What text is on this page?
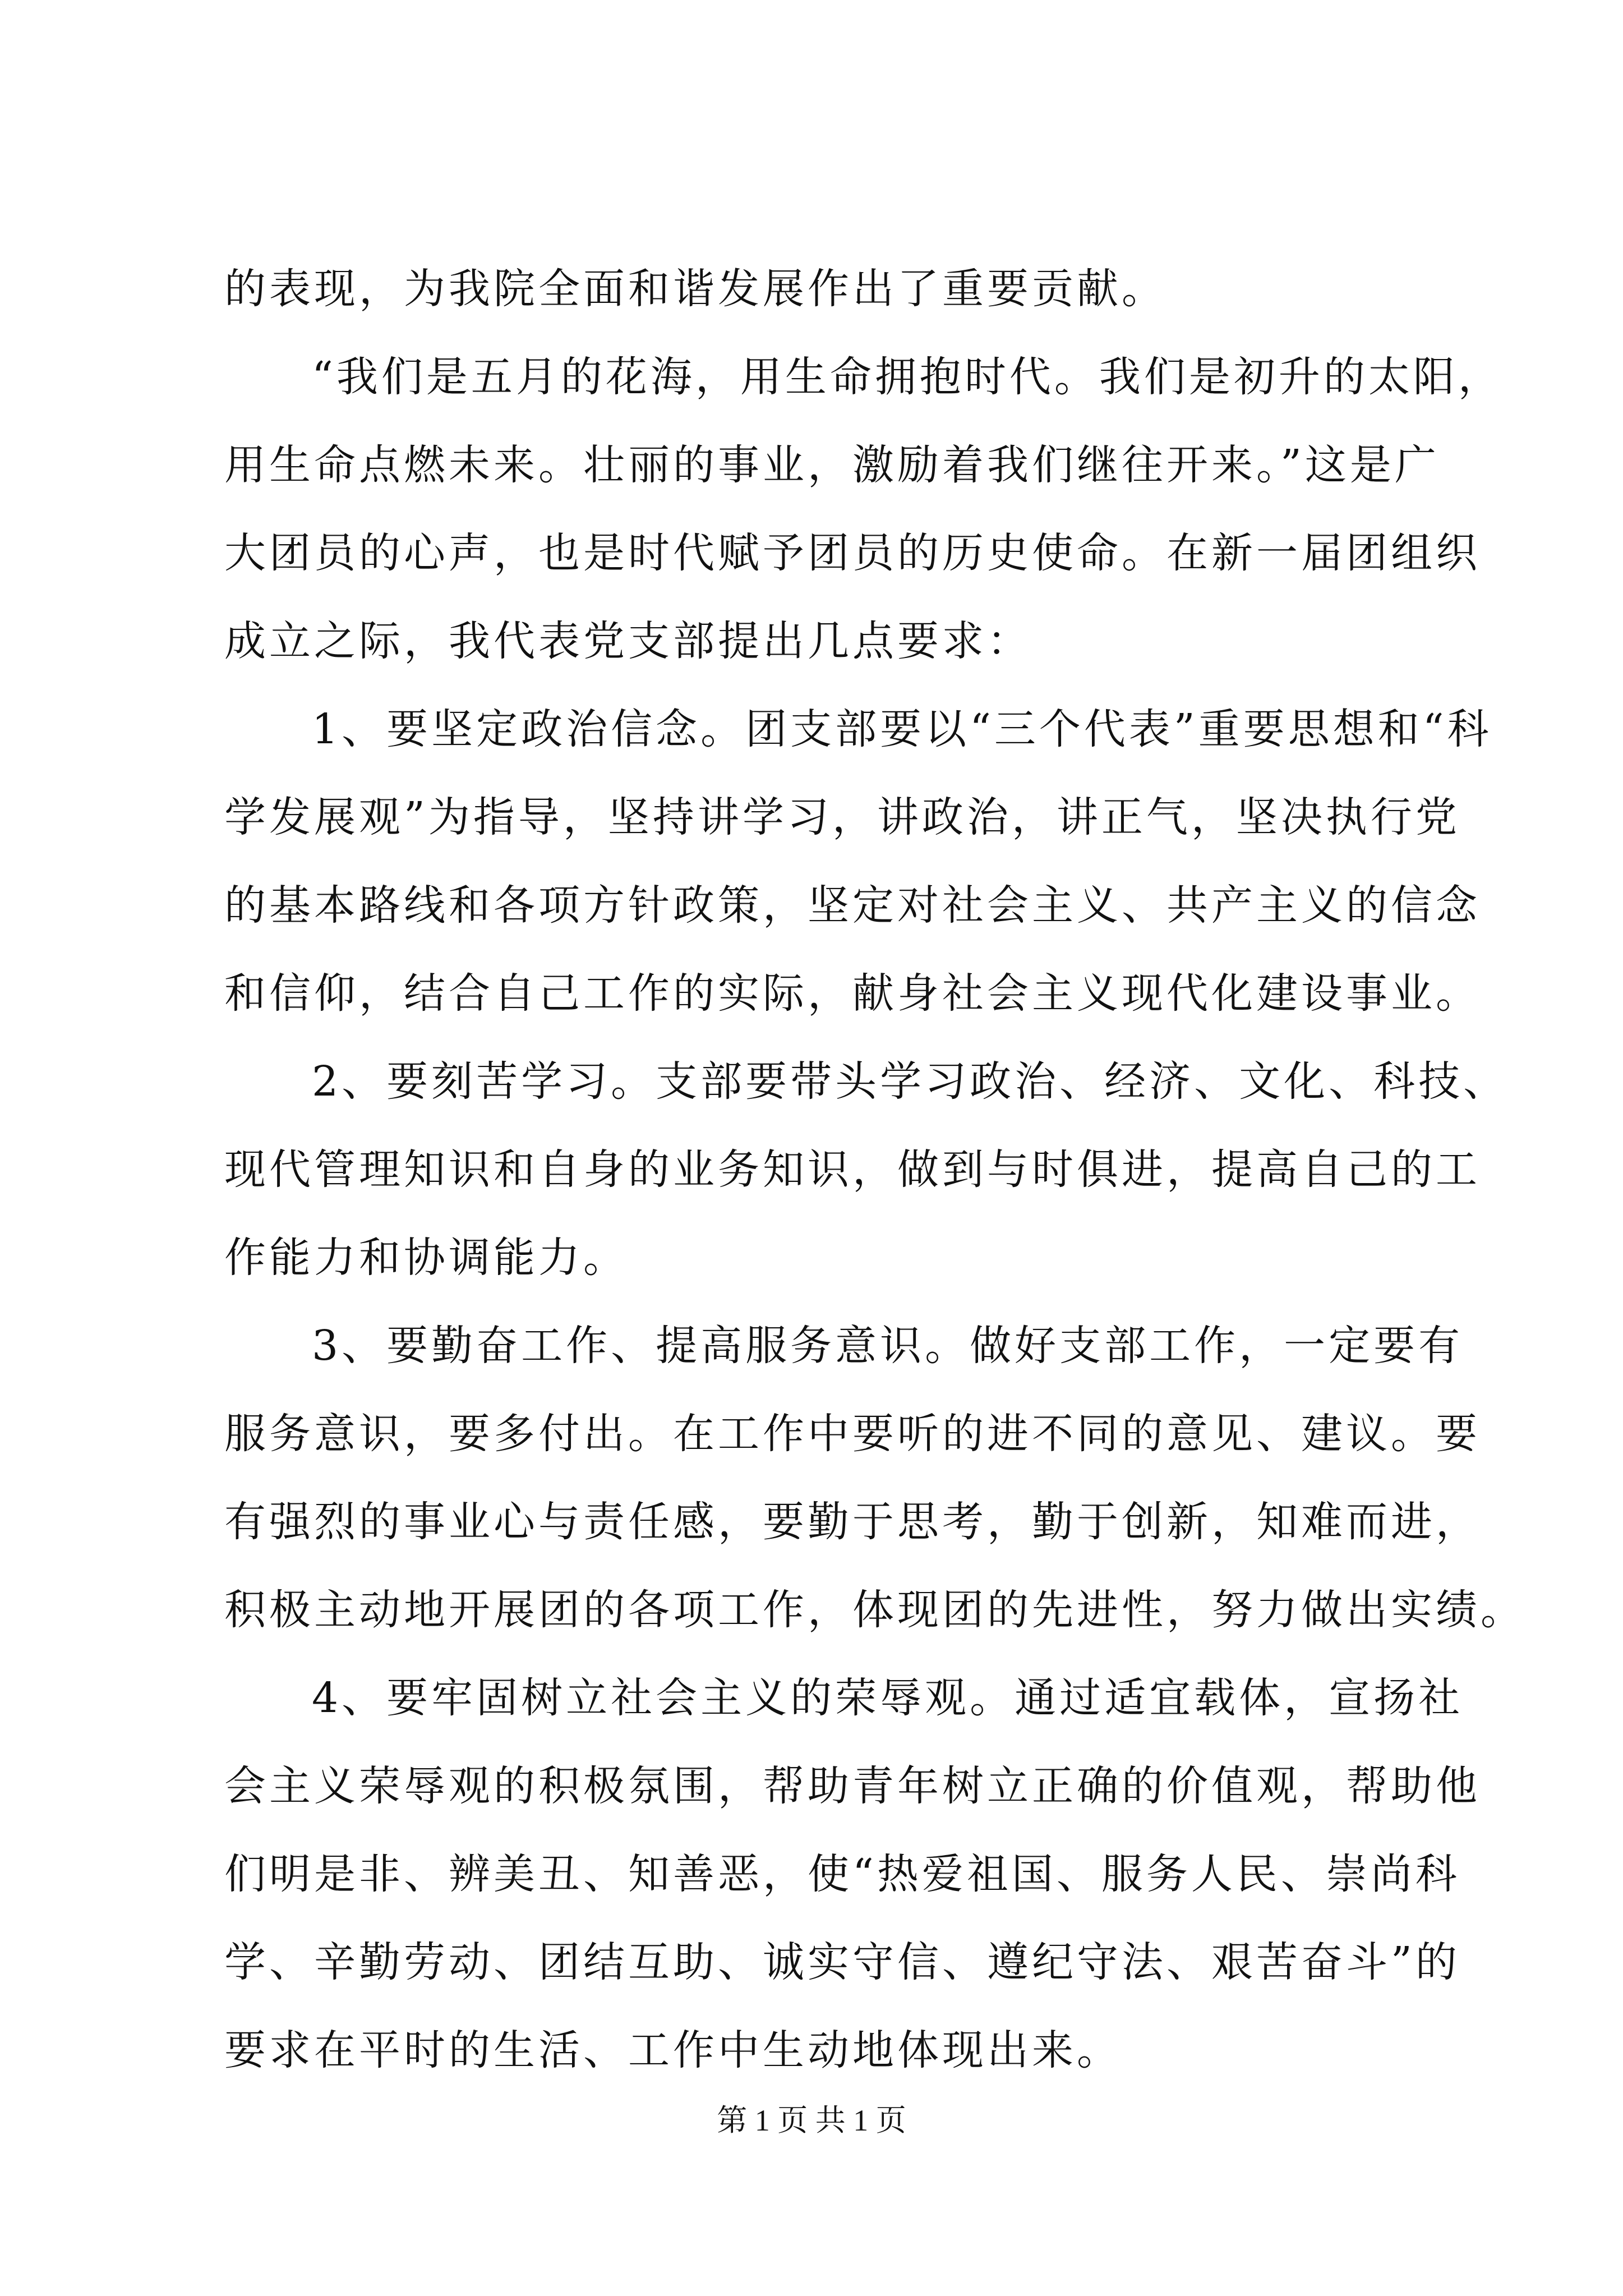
的表现，为我院全面和谐发展作出了重要贡献。
“我们是五月的花海，用生命拥抱时代。我们是初升的太阳，
用生命点燃未来。壮丽的事业，激励着我们继往开来。”这是广
大团员的心声，也是时代赋予团员的历史使命。在新一届团组织
成立之际，我代表党支部提出几点要求：
1、要坚定政治信念。团支部要以“三个代表”重要思想和“科
学发展观”为指导，坚持讲学习，讲政治，讲正气，坚决执行党
的基本路线和各项方针政策，坚定对社会主义、共产主义的信念
和信仰，结合自己工作的实际，献身社会主义现代化建设事业。
2、要刻苦学习。支部要带头学习政治、经济、文化、科技、
现代管理知识和自身的业务知识，做到与时俱进，提高自己的工
作能力和协调能力。
3、要勤奋工作、提高服务意识。做好支部工作，一定要有
服务意识，要多付出。在工作中要听的进不同的意见、建议。要
有强烈的事业心与责任感，要勤于思考，勤于创新，知难而进，
积极主动地开展团的各项工作，体现团的先进性，努力做出实绩。
4、要牢固树立社会主义的荣辱观。通过适宜载体，宣扬社
会主义荣辱观的积极氛围，帮助青年树立正确的价值观，帮助他
们明是非、辨美丑、知善恶，使“热爱祖国、服务人民、崇尚科
学、辛勤劳动、团结互助、诚实守信、遵纪守法、艰苦奋斗”的
要求在平时的生活、工作中生动地体现出来。
第 1 页 共 1 页
